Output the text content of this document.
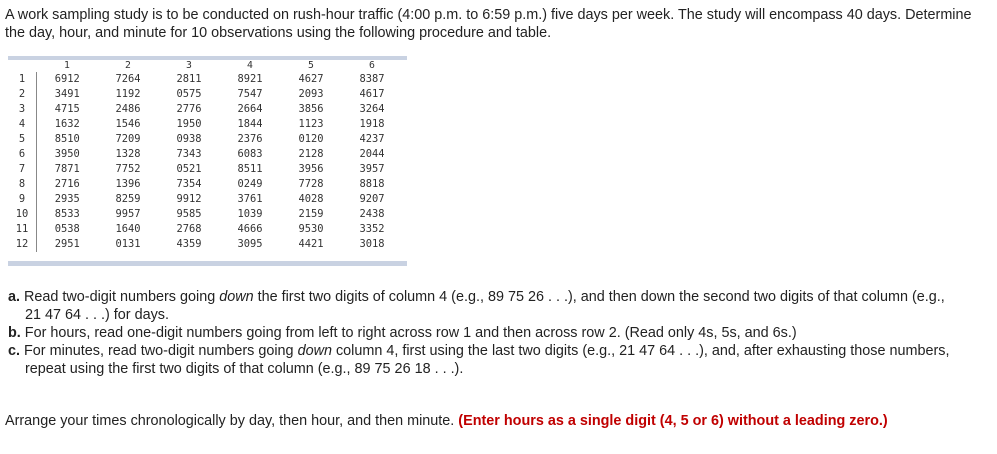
A work sampling study is to be conducted on rush-hour traffic (4:00 p.m. to 6:59 p.m.) five days per week. The study will encompass 40 days. Determine the day, hour, and minute for 10 observations using the following procedure and table.

	1	2	3	4	5	6
1	6912	7264	2811	8921	4627	8387
2	3491	1192	0575	7547	2093	4617
3	4715	2486	2776	2664	3856	3264
4	1632	1546	1950	1844	1123	1918
5	8510	7209	0938	2376	0120	4237
6	3950	1328	7343	6083	2128	2044
7	7871	7752	0521	8511	3956	3957
8	2716	1396	7354	0249	7728	8818
9	2935	8259	9912	3761	4028	9207
10	8533	9957	9585	1039	2159	2438
11	0538	1640	2768	4666	9530	3352
12	2951	0131	4359	3095	4421	3018
a. Read two-digit numbers going down the first two digits of column 4 (e.g., 89 75 26 . . .), and then down the second two digits of that column (e.g., 21 47 64 . . .) for days.
b. For hours, read one-digit numbers going from left to right across row 1 and then across row 2. (Read only 4s, 5s, and 6s.)
c. For minutes, read two-digit numbers going down column 4, first using the last two digits (e.g., 21 47 64 . . .), and, after exhausting those numbers, repeat using the first two digits of that column (e.g., 89 75 26 18 . . .).

Arrange your times chronologically by day, then hour, and then minute. (Enter hours as a single digit (4, 5 or 6) without a leading zero.)
